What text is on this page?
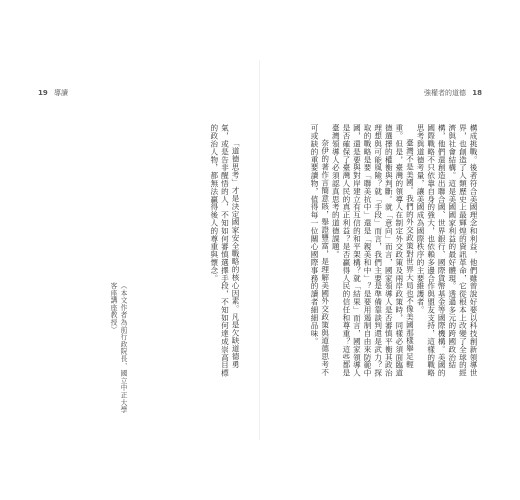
19 導讀	強權者的道德 18

構成挑戰。後者符合美國理念和利益，他們雖曾說好要以科技創新領導世界，也創造了人類歷史上最輝煌的資訊革命，它從根本上改變了全球的經濟與社會結構。這是美國國家利益的最好體現。透過多元的跨國政治結構，他們還創造出聯合國、世界銀行、國際貨幣基金等國際機構。美國的國際戰略不只依靠自身的強大，也依賴多邊合作與盟友支持，這樣的戰略思考與道德考量，讓美國成為國際秩序的主要維護者。

臺灣不是美國。我們的外交政策對世界大局也不像美國那樣舉足輕重。但是，臺灣的領導人在制定外交政策及兩岸政策時，同樣必須面臨道德選擇的權衡與判斷。就「意向」而言，國家領導人是否審慎平衡其政治理想與可能風險？就「手段」而言，我們主要是準備靠談判還是武力？探取的戰略是要「聯美抗中」還是「親美和中」？是要用遏制自由來防範中國，還是要與對岸建立有互信的和平架構？就「結果」而言，國家領導人是否確保了臺灣人民的真正利益？是否贏得人民的信任和尊重？這些都是臺灣領導人必須認真思考的道德課題。

奈伊的著作言簡意賅，舉證豐富，是理解美國外交政策與道德思考不可或缺的重要讀物，值得每一位關心國際事務的讀者細細品味。

「道德思考」才是決定國家安全戰略的核心因素。凡是欠缺道德勇氣，或是告非醒悟的人，不知如何審慎選擇手段，不知如何達成崇高目標的政治人物，都無法贏得後人的尊重與懷念。

（本文作者為前行政院長、國立中正大學客座講座教授）
